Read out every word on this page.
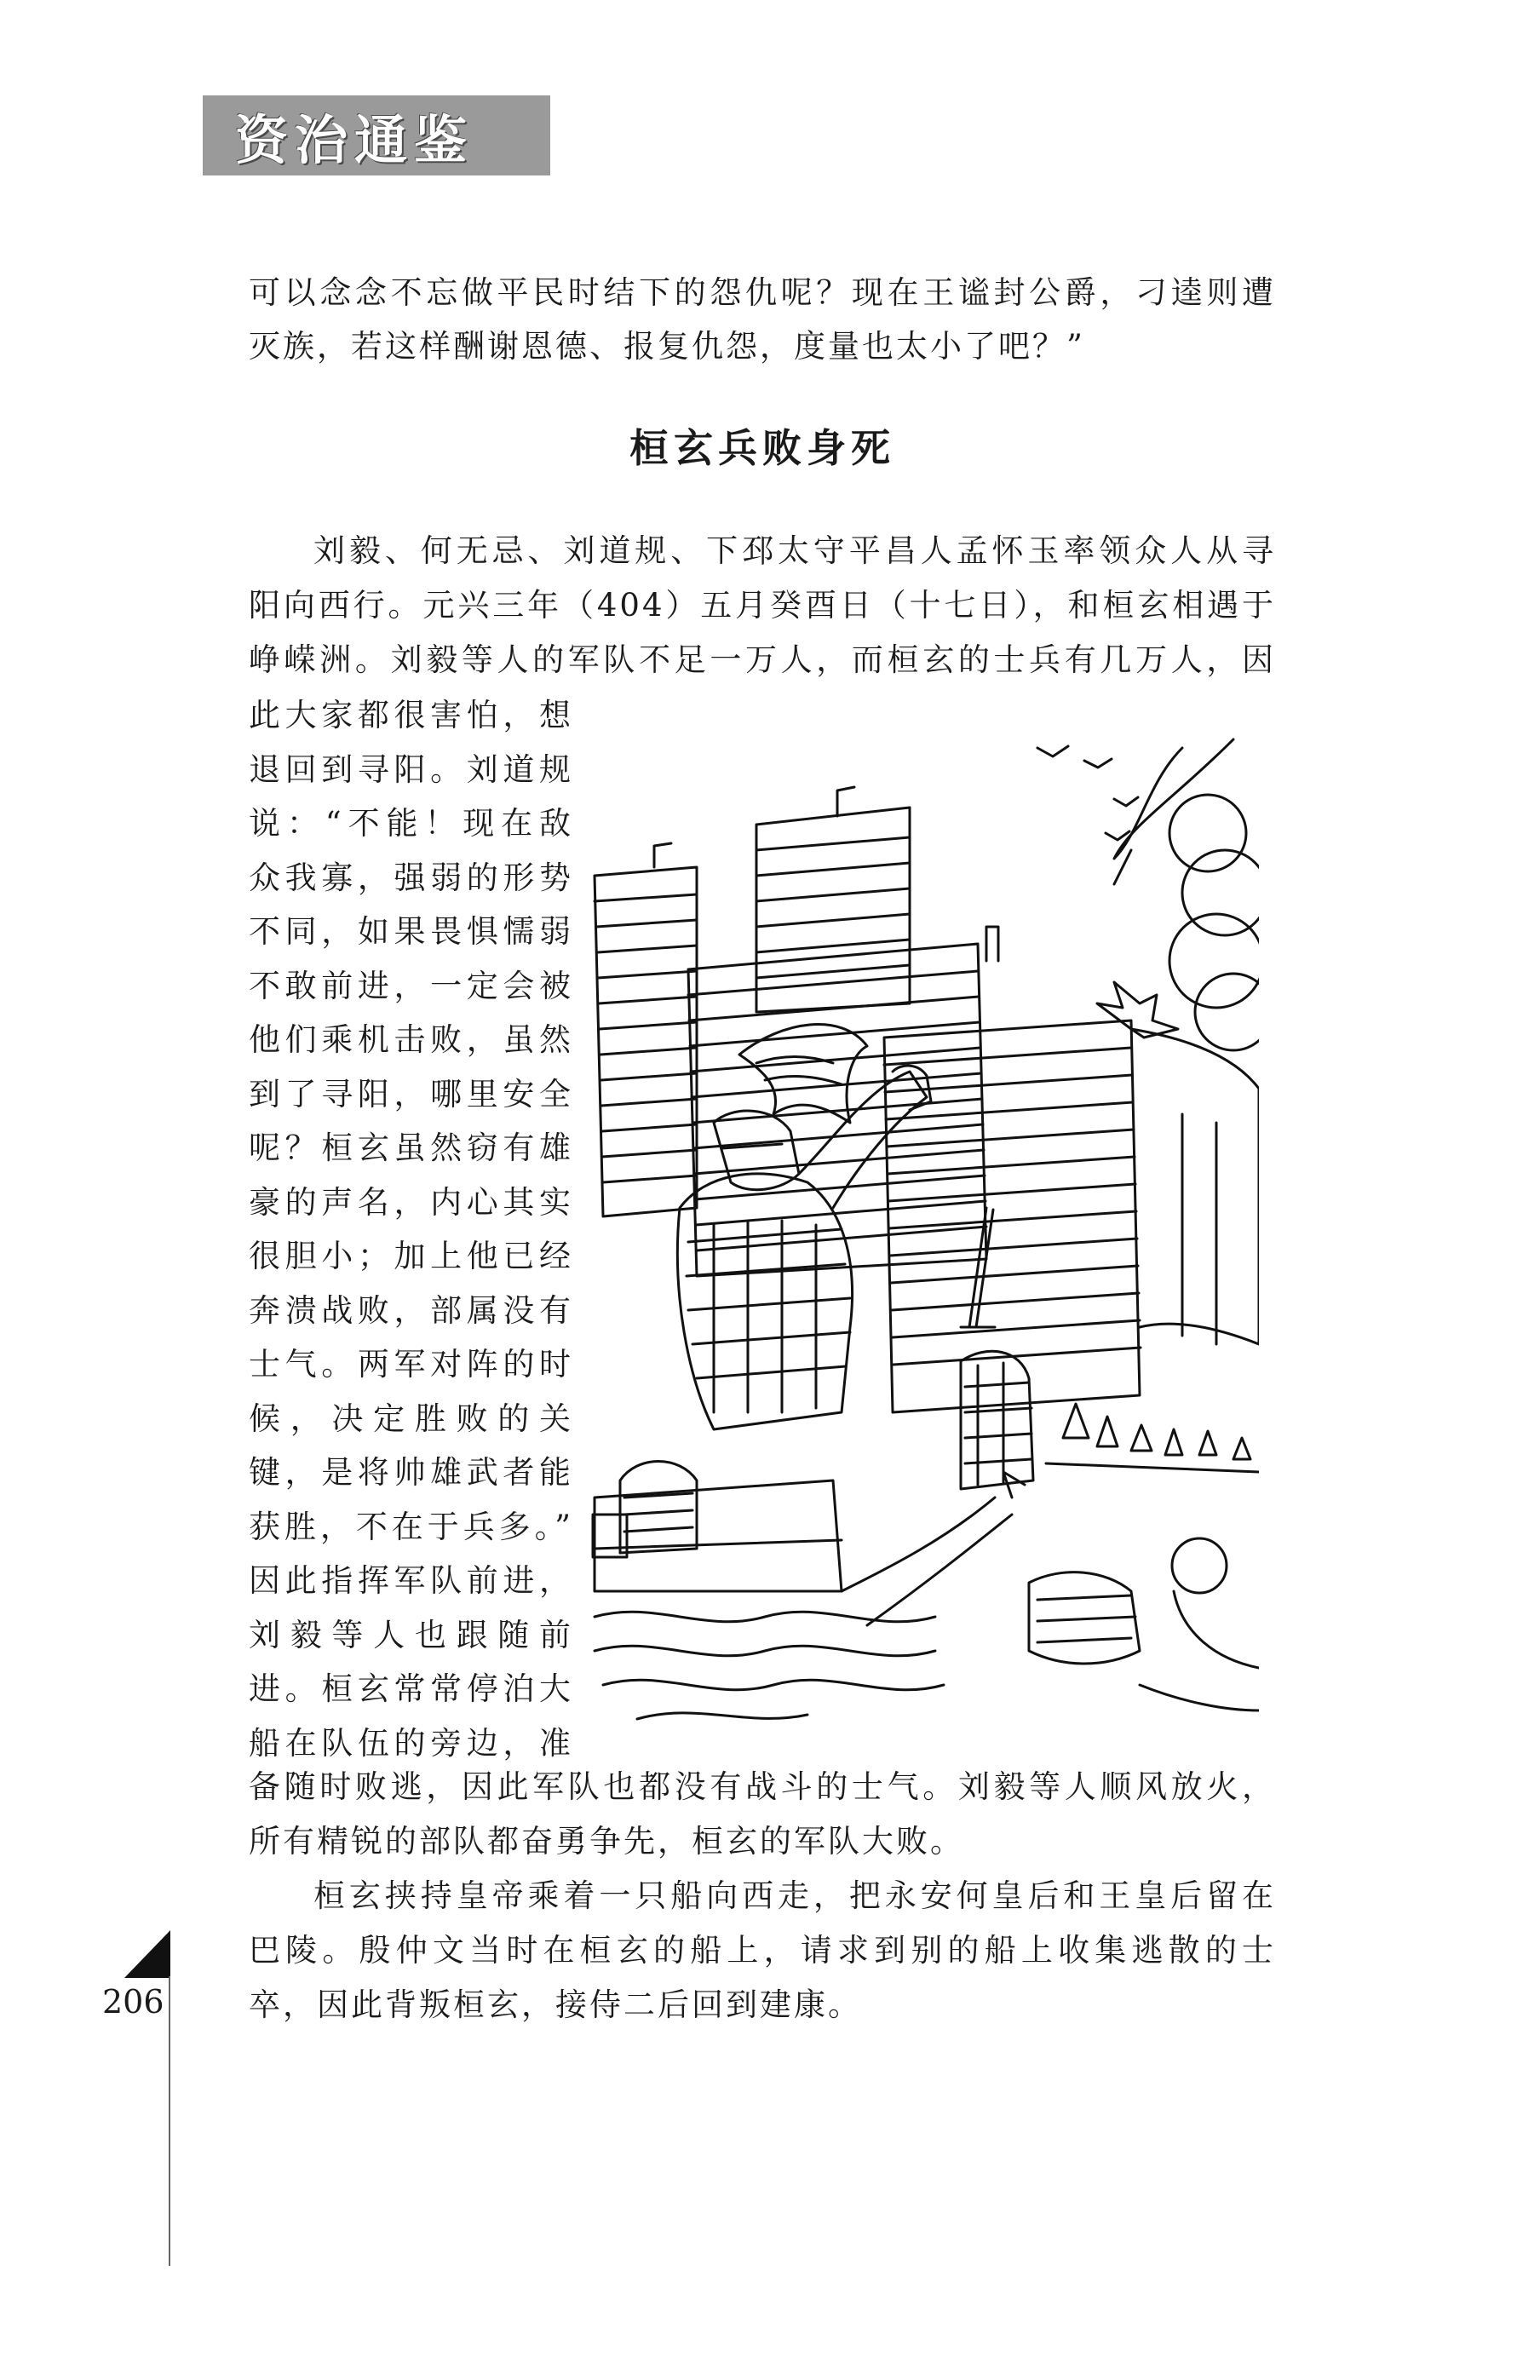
资治通鉴

可以念念不忘做平民时结下的怨仇呢？现在王谧封公爵，刁逵则遭

灭族，若这样酬谢恩德、报复仇怨，度量也太小了吧？”

桓玄兵败身死

刘毅、何无忌、刘道规、下邳太守平昌人孟怀玉率领众人从寻

阳向西行。元兴三年（404）五月癸酉日（十七日），和桓玄相遇于

峥嵘洲。刘毅等人的军队不足一万人，而桓玄的士兵有几万人，因

此大家都很害怕，想
退回到寻阳。刘道规
说：“不能！现在敌
众我寡，强弱的形势
不同，如果畏惧懦弱
不敢前进，一定会被
他们乘机击败，虽然
到了寻阳，哪里安全
呢？桓玄虽然窃有雄
豪的声名，内心其实
很胆小；加上他已经
奔溃战败，部属没有
士气。两军对阵的时
候，决定胜败的关
键，是将帅雄武者能
获胜，不在于兵多。”
因此指挥军队前进，
刘毅等人也跟随前
进。桓玄常常停泊大
船在队伍的旁边，准

备随时败逃，因此军队也都没有战斗的士气。刘毅等人顺风放火，

所有精锐的部队都奋勇争先，桓玄的军队大败。

桓玄挟持皇帝乘着一只船向西走，把永安何皇后和王皇后留在

巴陵。殷仲文当时在桓玄的船上，请求到别的船上收集逃散的士

卒，因此背叛桓玄，接侍二后回到建康。

206
